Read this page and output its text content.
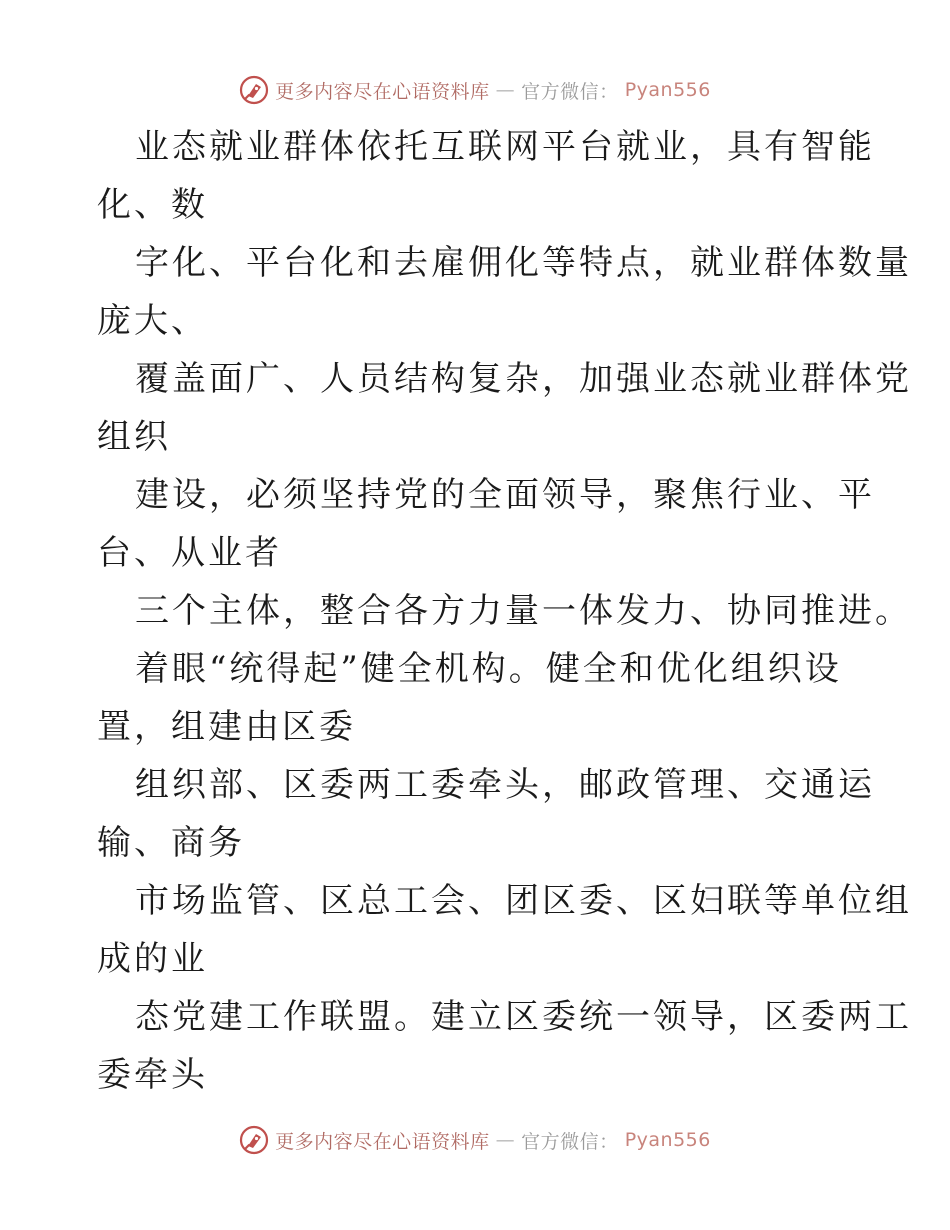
更多内容尽在心语资料库 — 官方微信： Pyan556
业态就业群体依托互联网平台就业，具有智能
化、数
字化、平台化和去雇佣化等特点，就业群体数量
庞大、
覆盖面广、人员结构复杂，加强业态就业群体党
组织
建设，必须坚持党的全面领导，聚焦行业、平
台、从业者
三个主体，整合各方力量一体发力、协同推进。
着眼“统得起”健全机构。健全和优化组织设
置，组建由区委
组织部、区委两工委牵头，邮政管理、交通运
输、商务
市场监管、区总工会、团区委、区妇联等单位组
成的业
态党建工作联盟。建立区委统一领导，区委两工
委牵头
更多内容尽在心语资料库 — 官方微信： Pyan556
